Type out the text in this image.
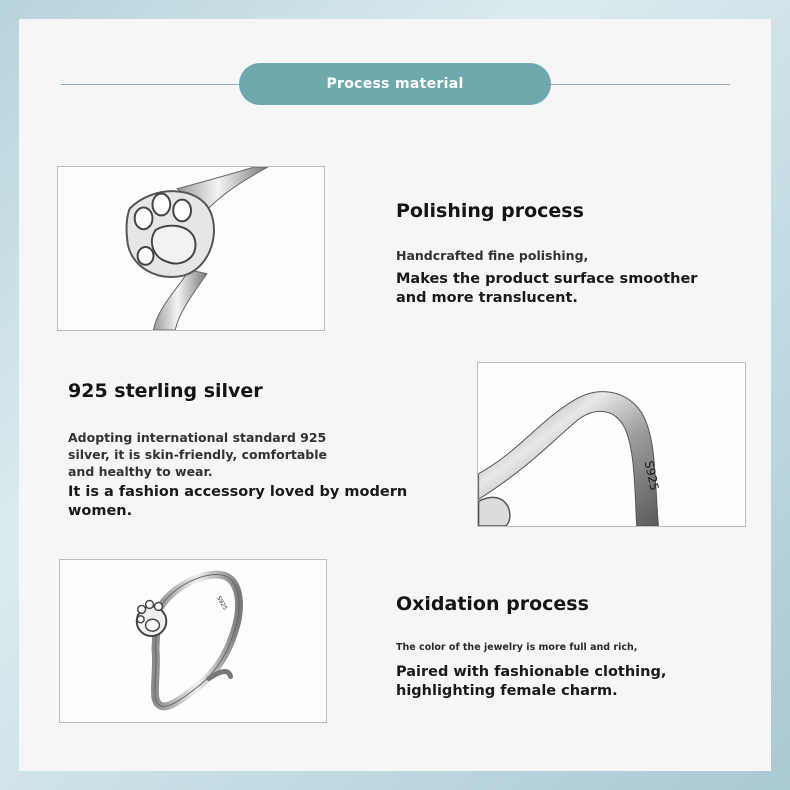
Process material
Polishing process
Handcrafted fine polishing,
Makes the product surface smoother
and more translucent.
925 sterling silver
Adopting international standard 925
silver, it is skin-friendly, comfortable
and healthy to wear.
It is a fashion accessory loved by modern
women.
S925
S925	Oxidation process
The color of the jewelry is more full and rich,
Paired with fashionable clothing,
highlighting female charm.
